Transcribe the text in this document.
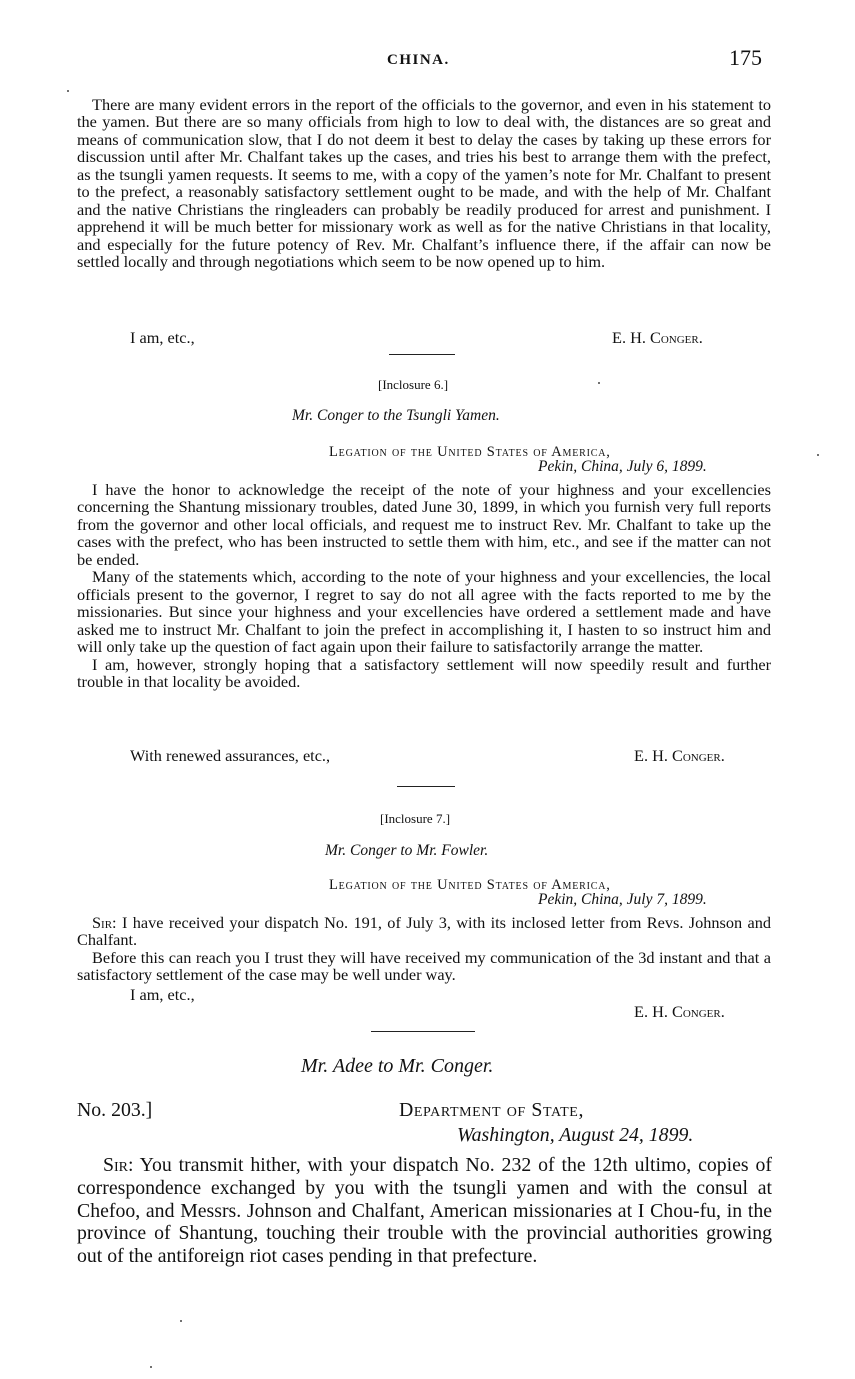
CHINA.	175

There are many evident errors in the report of the officials to the governor, and even in his statement to the yamen. But there are so many officials from high to low to deal with, the distances are so great and means of communication slow, that I do not deem it best to delay the cases by taking up these errors for discussion until after Mr. Chalfant takes up the cases, and tries his best to arrange them with the prefect, as the tsungli yamen requests. It seems to me, with a copy of the yamen’s note for Mr. Chalfant to present to the prefect, a reasonably satisfactory settlement ought to be made, and with the help of Mr. Chalfant and the native Christians the ringleaders can probably be readily produced for arrest and punishment. I apprehend it will be much better for missionary work as well as for the native Christians in that locality, and especially for the future potency of Rev. Mr. Chalfant’s influence there, if the affair can now be settled locally and through negotiations which seem to be now opened up to him.

I am, etc.,	E. H. Conger.
[Inclosure 6.]
Mr. Conger to the Tsungli Yamen.
Legation of the United States of America,
Pekin, China, July 6, 1899.

I have the honor to acknowledge the receipt of the note of your highness and your excellencies concerning the Shantung missionary troubles, dated June 30, 1899, in which you furnish very full reports from the governor and other local officials, and request me to instruct Rev. Mr. Chalfant to take up the cases with the prefect, who has been instructed to settle them with him, etc., and see if the matter can not be ended.

Many of the statements which, according to the note of your highness and your excellencies, the local officials present to the governor, I regret to say do not all agree with the facts reported to me by the missionaries. But since your highness and your excellencies have ordered a settlement made and have asked me to instruct Mr. Chalfant to join the prefect in accomplishing it, I hasten to so instruct him and will only take up the question of fact again upon their failure to satisfactorily arrange the matter.

I am, however, strongly hoping that a satisfactory settlement will now speedily result and further trouble in that locality be avoided.

With renewed assurances, etc.,	E. H. Conger.
[Inclosure 7.]
Mr. Conger to Mr. Fowler.
Legation of the United States of America,
Pekin, China, July 7, 1899.

Sir: I have received your dispatch No. 191, of July 3, with its inclosed letter from Revs. Johnson and Chalfant.

Before this can reach you I trust they will have received my communication of the 3d instant and that a satisfactory settlement of the case may be well under way.

I am, etc.,
E. H. Conger.
Mr. Adee to Mr. Conger.
No. 203.]	Department of State,
Washington, August 24, 1899.

Sir: You transmit hither, with your dispatch No. 232 of the 12th ultimo, copies of correspondence exchanged by you with the tsungli yamen and with the consul at Chefoo, and Messrs. Johnson and Chalfant, American missionaries at I Chou-fu, in the province of Shantung, touching their trouble with the provincial authorities growing out of the antiforeign riot cases pending in that prefecture.
